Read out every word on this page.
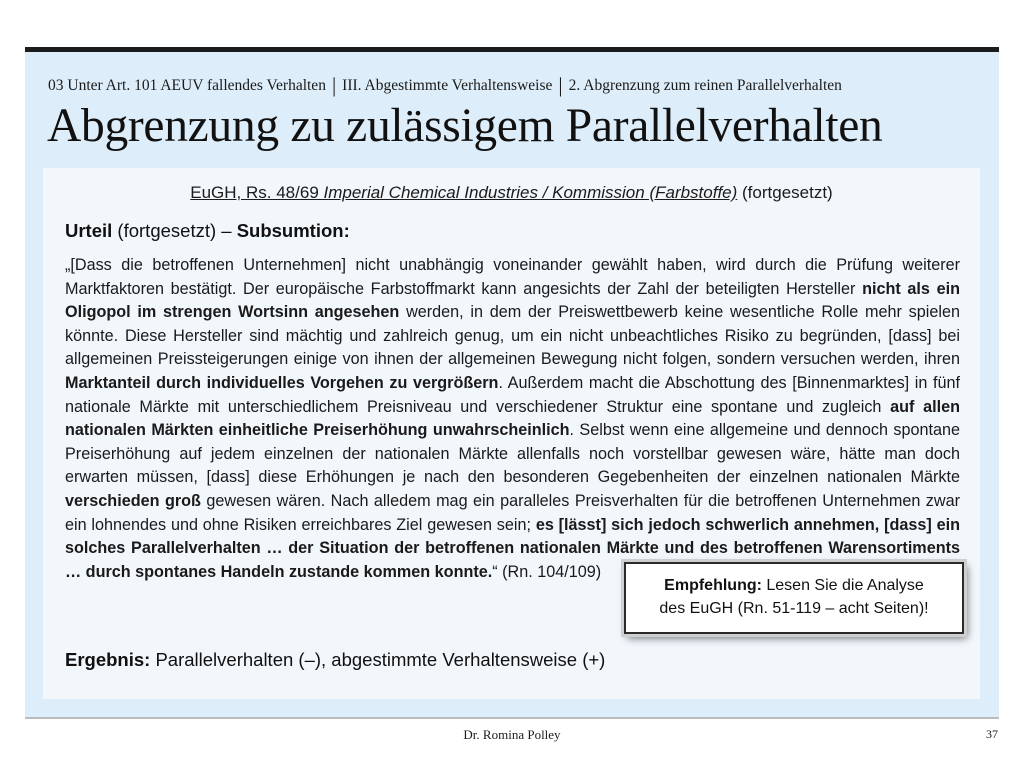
03 Unter Art. 101 AEUV fallendes Verhalten | III. Abgestimmte Verhaltensweise | 2. Abgrenzung zum reinen Parallelverhalten
Abgrenzung zu zulässigem Parallelverhalten
EuGH, Rs. 48/69 Imperial Chemical Industries / Kommission (Farbstoffe) (fortgesetzt)
Urteil (fortgesetzt) – Subsumtion:

„[Dass die betroffenen Unternehmen] nicht unabhängig voneinander gewählt haben, wird durch die Prüfung weiterer Marktfaktoren bestätigt. Der europäische Farbstoffmarkt kann angesichts der Zahl der beteiligten Hersteller nicht als ein Oligopol im strengen Wortsinn angesehen werden, in dem der Preiswettbewerb keine wesentliche Rolle mehr spielen könnte. Diese Hersteller sind mächtig und zahlreich genug, um ein nicht unbeachtliches Risiko zu begründen, [dass] bei allgemeinen Preissteigerungen einige von ihnen der allgemeinen Bewegung nicht folgen, sondern versuchen werden, ihren Marktanteil durch individuelles Vorgehen zu vergrößern. Außerdem macht die Abschottung des [Binnenmarktes] in fünf nationale Märkte mit unterschiedlichem Preisniveau und verschiedener Struktur eine spontane und zugleich auf allen nationalen Märkten einheitliche Preiserhöhung unwahrscheinlich. Selbst wenn eine allgemeine und dennoch spontane Preiserhöhung auf jedem einzelnen der nationalen Märkte allenfalls noch vorstellbar gewesen wäre, hätte man doch erwarten müssen, [dass] diese Erhöhungen je nach den besonderen Gegebenheiten der einzelnen nationalen Märkte verschieden groß gewesen wären. Nach alledem mag ein paralleles Preisverhalten für die betroffenen Unternehmen zwar ein lohnendes und ohne Risiken erreichbares Ziel gewesen sein; es [lässt] sich jedoch schwerlich annehmen, [dass] ein solches Parallelverhalten … der Situation der betroffenen nationalen Märkte und des betroffenen Warensortiments … durch spontanes Handeln zustande kommen konnte.“ (Rn. 104/109)

Ergebnis: Parallelverhalten (–), abgestimmte Verhaltensweise (+)
Empfehlung: Lesen Sie die Analyse
des EuGH (Rn. 51-119 – acht Seiten)!
Dr. Romina Polley	37
